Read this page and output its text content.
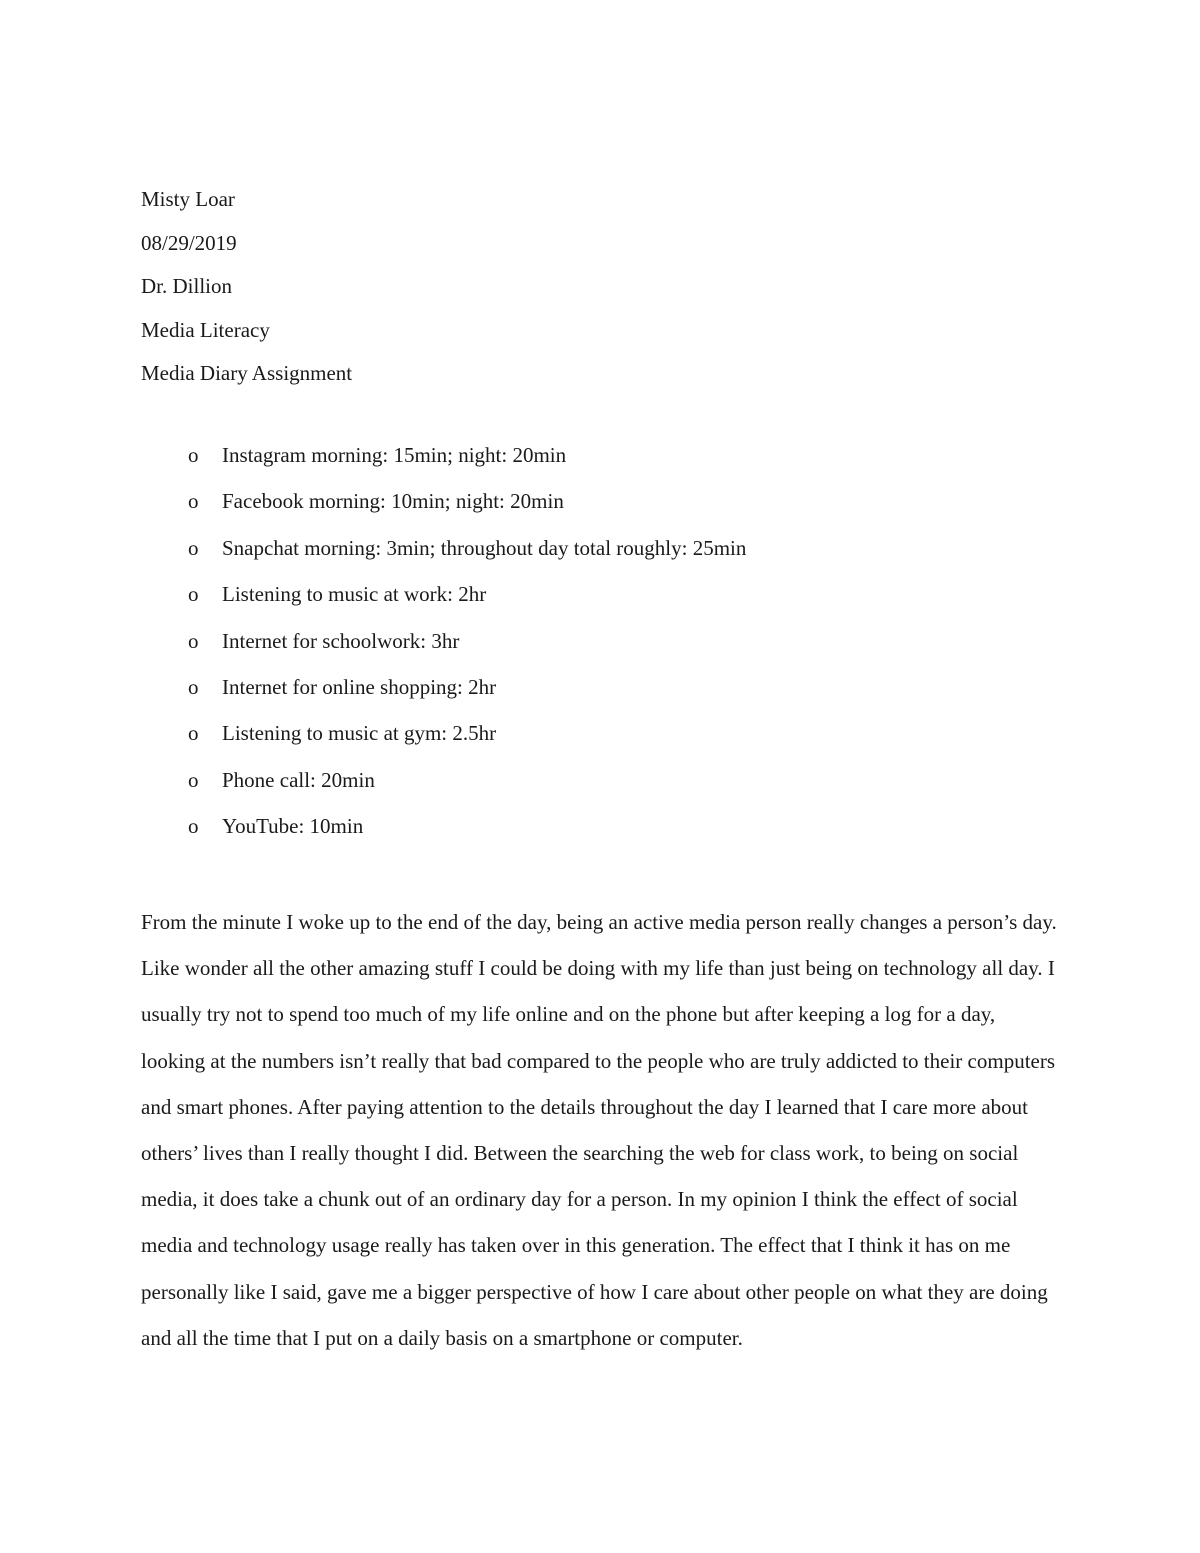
Misty Loar
08/29/2019
Dr. Dillion
Media Literacy
Media Diary Assignment
o Instagram morning: 15min; night: 20min
o Facebook morning: 10min; night: 20min
o Snapchat morning: 3min; throughout day total roughly: 25min
o Listening to music at work: 2hr
o Internet for schoolwork: 3hr
o Internet for online shopping: 2hr
o Listening to music at gym: 2.5hr
o Phone call: 20min
o YouTube: 10min

From the minute I woke up to the end of the day, being an active media person really changes a person’s day. Like wonder all the other amazing stuff I could be doing with my life than just being on technology all day. I usually try not to spend too much of my life online and on the phone but after keeping a log for a day, looking at the numbers isn’t really that bad compared to the people who are truly addicted to their computers and smart phones. After paying attention to the details throughout the day I learned that I care more about others’ lives than I really thought I did. Between the searching the web for class work, to being on social media, it does take a chunk out of an ordinary day for a person. In my opinion I think the effect of social media and technology usage really has taken over in this generation. The effect that I think it has on me personally like I said, gave me a bigger perspective of how I care about other people on what they are doing and all the time that I put on a daily basis on a smartphone or computer.
